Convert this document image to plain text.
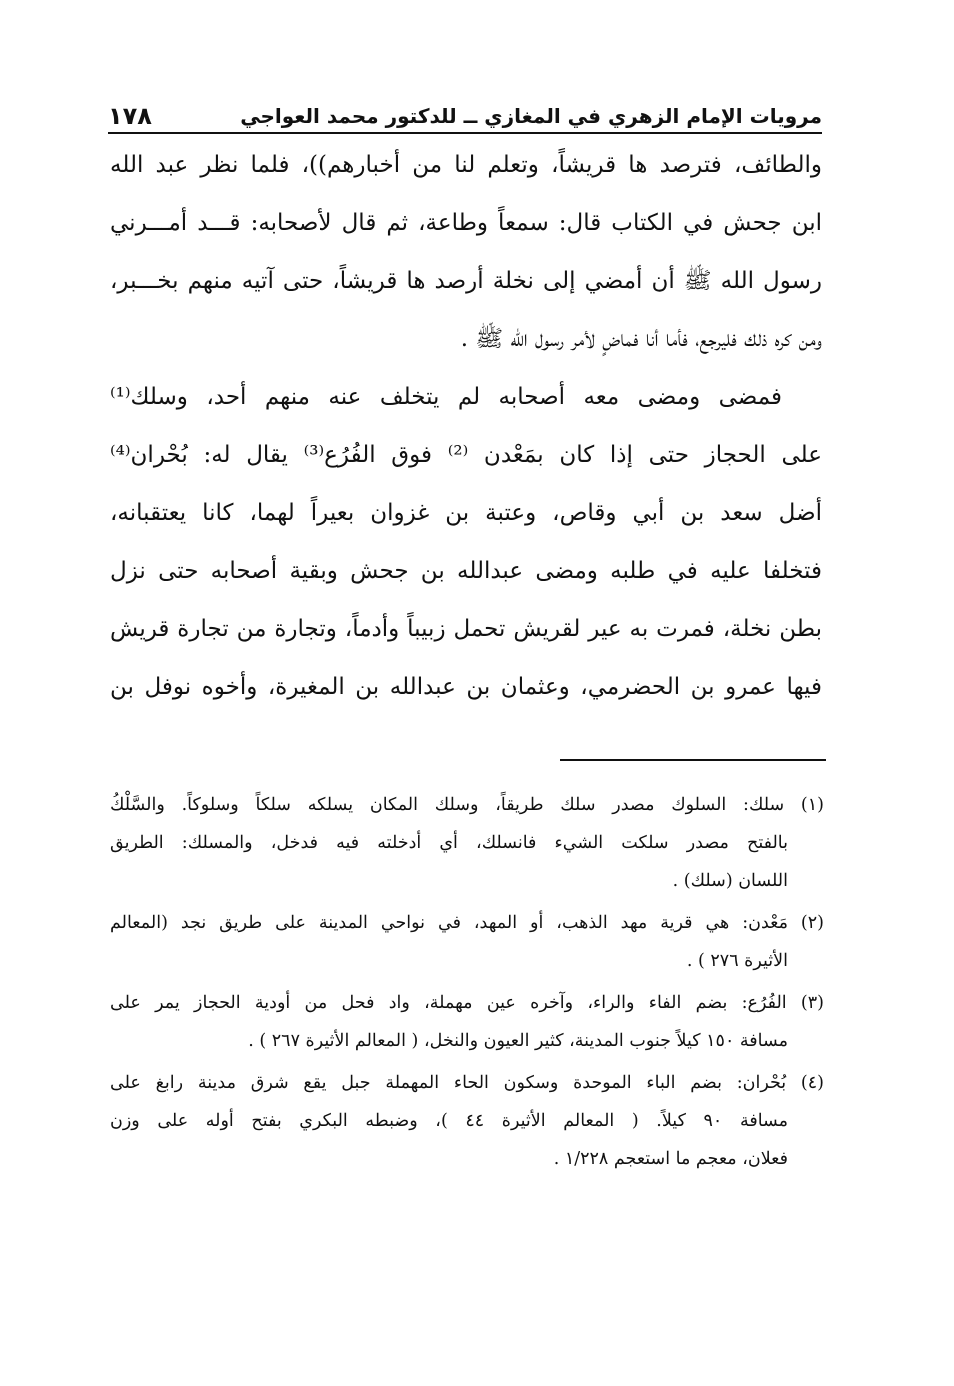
مرويات الإمام الزهري في المغازي ــ للدكتور محمد العواجي
١٧٨
والطائف، فترصد ها قريشاً، وتعلم لنا من أخبارهم))، فلما نظر عبد الله
ابن جحش في الكتاب قال: سمعاً وطاعة، ثم قال لأصحابه: قـــد أمـــرني
رسول الله ﷺ أن أمضي إلى نخلة أرصد ها قريشاً، حتى آتيه منهم بخـــبر،
ومن كره ذلك فليرجع، فأما أنا فماضٍ لأمر رسول الله ﷺ .
فمضى ومضى معه أصحابه لم يتخلف عنه منهم أحد، وسلك⁽¹⁾
على الحجاز حتى إذا كان بمَعْدن ⁽²⁾ فوق الفُرُع⁽³⁾ يقال له: بُحْران⁽⁴⁾
أضل سعد بن أبي وقاص، وعتبة بن غزوان بعيراً لهما، كانا يعتقبانه،
فتخلفا عليه في طلبه ومضى عبدالله بن جحش وبقية أصحابه حتى نزل
بطن نخلة، فمرت به عير لقريش تحمل زبيباً وأدماً، وتجارة من تجارة قريش
فيها عمرو بن الحضرمي، وعثمان بن عبدالله بن المغيرة، وأخوه نوفل بن
(١) سلك: السلوك مصدر سلك طريقاً، وسلك المكان يسلكه سلكاً وسلوكاً. والسَّلْكُ
بالفتح مصدر سلكت الشيء فانسلك، أي أدخلته فيه فدخل، والمسلك: الطريق
اللسان (سلك) .
(٢) مَعْدن: هي قرية مهد الذهب، أو المهد، في نواحي المدينة على طريق نجد (المعالم
الأثيرة ٢٧٦ ) .
(٣) الفُرُع: بضم الفاء والراء، وآخره عين مهملة، واد فحل من أودية الحجاز يمر على
مسافة ١٥٠ كيلاً جنوب المدينة، كثير العيون والنخل، ( المعالم الأثيرة ٢٦٧ ) .
(٤) بُحْران: بضم الباء الموحدة وسكون الحاء المهملة جبل يقع شرق مدينة رابغ على
مسافة ٩٠ كيلاً. ( المعالم الأثيرة ٤٤ )، وضبطه البكري بفتح أوله على وزن
فعلان، معجم ما استعجم ١/٢٢٨ .
